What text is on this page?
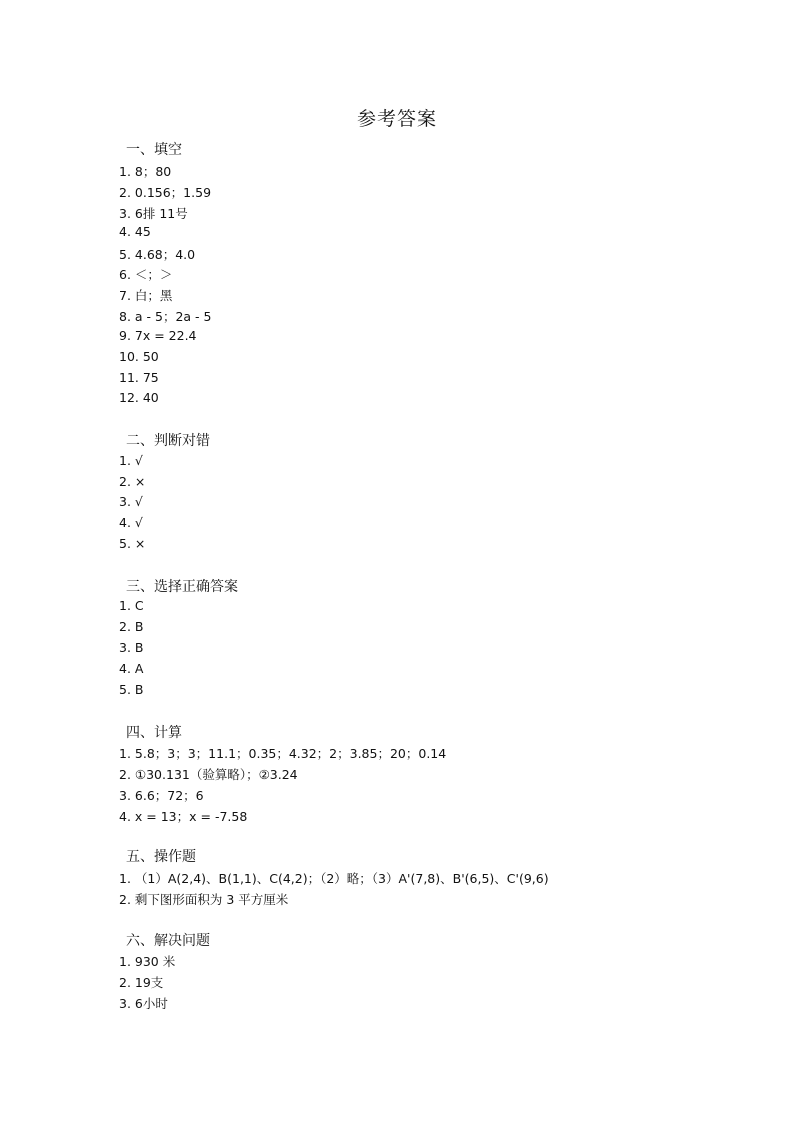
参考答案
一、填空
1. 8；80
2. 0.156；1.59
3. 6排 11号
4. 45
5. 4.68；4.0
6. ＜；＞
7. 白；黑
8. a - 5；2a - 5
9. 7x = 22.4
10. 50
11. 75
12. 40
二、判断对错
1. √
2. ×
3. √
4. √
5. ×
三、选择正确答案
1. C
2. B
3. B
4. A
5. B
四、计算
1. 5.8；3；3；11.1；0.35；4.32；2；3.85；20；0.14
2. ①30.131（验算略）；②3.24
3. 6.6；72；6
4. x = 13；x = -7.58
五、操作题
1. （1）A(2,4)、B(1,1)、C(4,2)；（2）略；（3）A'(7,8)、B'(6,5)、C'(9,6)
2. 剩下图形面积为 3 平方厘米
六、解决问题
1. 930 米
2. 19支
3. 6小时
